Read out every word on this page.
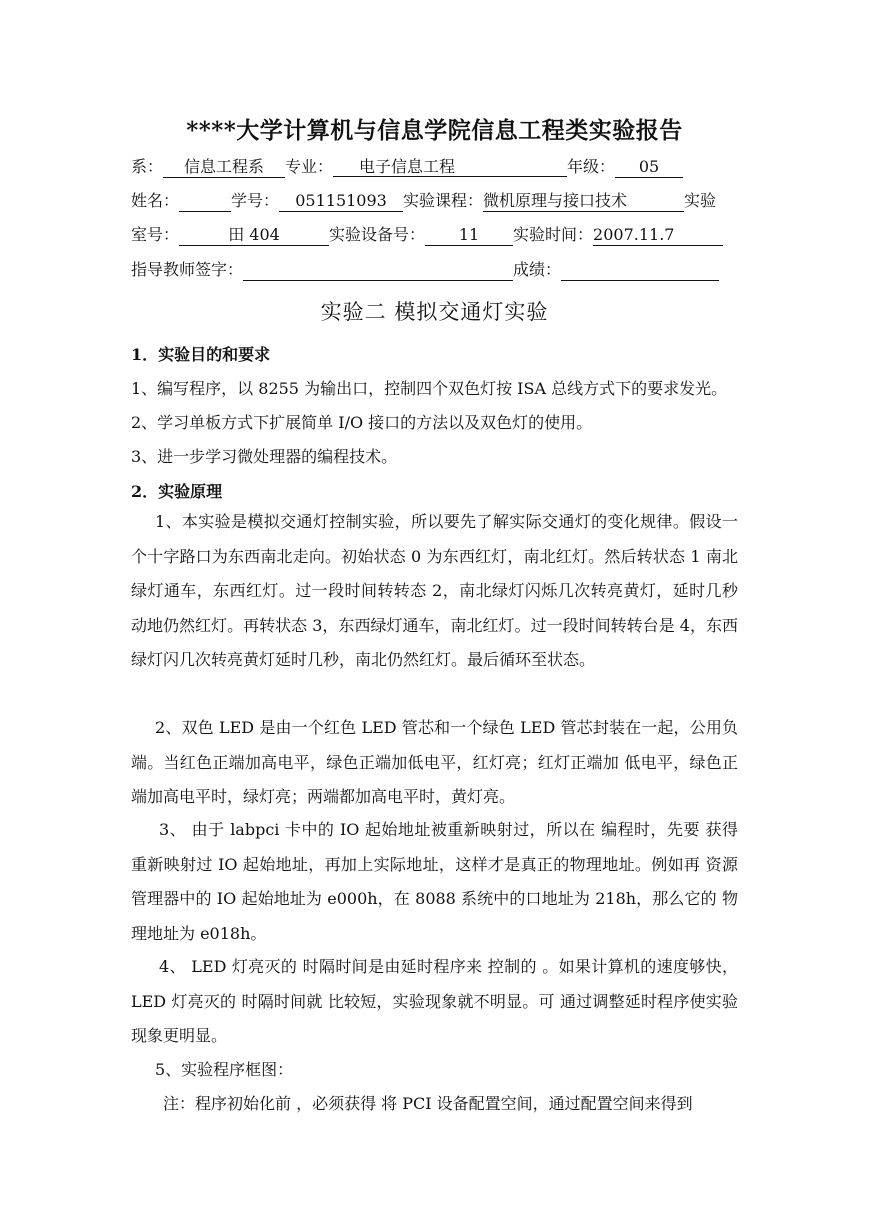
****大学计算机与信息学院信息工程类实验报告
系： 信息工程系 专业： 电子信息工程	年级： 05
姓名：	学号： 051151093 实验课程：微机原理与接口技术	实验
室号：	田 404	实验设备号： 11 实验时间：2007.11.7
指导教师签字：	成绩：
实验二 模拟交通灯实验
1．实验目的和要求
1、编写程序，以 8255 为输出口，控制四个双色灯按 ISA 总线方式下的要求发光。
2、学习单板方式下扩展简单 I/O 接口的方法以及双色灯的使用。
3、进一步学习微处理器的编程技术。
2．实验原理
1、本实验是模拟交通灯控制实验，所以要先了解实际交通灯的变化规律。假设一个十字路口为东西南北走向。初始状态 0 为东西红灯，南北红灯。然后转状态 1 南北绿灯通车，东西红灯。过一段时间转转态 2，南北绿灯闪烁几次转亮黄灯，延时几秒动地仍然红灯。再转状态 3，东西绿灯通车，南北红灯。过一段时间转转台是 4，东西绿灯闪几次转亮黄灯延时几秒，南北仍然红灯。最后循环至状态。
2、双色 LED 是由一个红色 LED 管芯和一个绿色 LED 管芯封装在一起，公用负端。当红色正端加高电平，绿色正端加低电平，红灯亮；红灯正端加 低电平，绿色正端加高电平时，绿灯亮；两端都加高电平时，黄灯亮。
3、 由于 labpci 卡中的 IO 起始地址被重新映射过，所以在 编程时，先要 获得 重新映射过 IO 起始地址，再加上实际地址，这样才是真正的物理地址。例如再 资源管理器中的 IO 起始地址为 e000h，在 8088 系统中的口地址为 218h，那么它的 物理地址为 e018h。
4、 LED 灯亮灭的 时隔时间是由延时程序来 控制的 。如果计算机的速度够快，LED 灯亮灭的 时隔时间就 比较短，实验现象就不明显。可 通过调整延时程序使实验现象更明显。
5、实验程序框图：
注：程序初始化前 ，必须获得 将 PCI 设备配置空间，通过配置空间来得到
